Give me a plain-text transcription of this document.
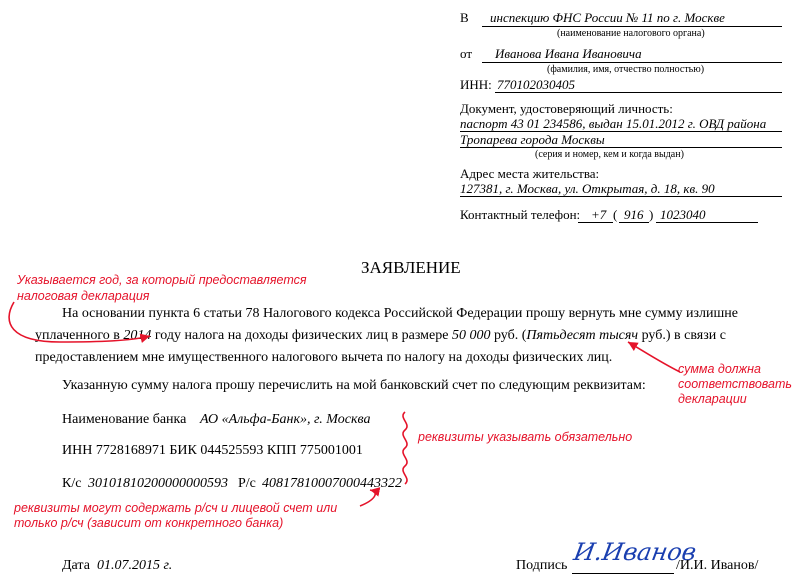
В инспекцию ФНС России № 11 по г. Москве
(наименование налогового органа)
от Иванова Ивана Ивановича
(фамилия, имя, отчество полностью)
ИНН: 770102030405
Документ, удостоверяющий личность:
паспорт 43 01 234586, выдан 15.01.2012 г. ОВД района
Тропарева города Москвы
(серия и номер, кем и когда выдан)
Адрес места жительства:
127381, г. Москва, ул. Открытая, д. 18, кв. 90
Контактный телефон: +7 ( 916 ) 1023040
ЗАЯВЛЕНИЕ
На основании пункта 6 статьи 78 Налогового кодекса Российской Федерации прошу вернуть мне сумму излишне
уплаченного в 2014 году налога на доходы физических лиц в размере 50 000 руб. (Пятьдесят тысяч руб.) в связи с
предоставлением мне имущественного налогового вычета по налогу на доходы физических лиц.
Указанную сумму налога прошу перечислить на мой банковский счет по следующим реквизитам:
Наименование банка АО «Альфа-Банк», г. Москва
ИНН 7728168971 БИК 044525593 КПП 775001001
К/с 30101810200000000593 Р/с 40817810007000443322
Дата 01.07.2015 г.	Подпись И.Иванов
/И.И. Иванов/
Указывается год, за который предоставляется
налоговая декларация
сумма должна
соответствовать
декларации
реквизиты указывать обязательно
реквизиты могут содержать р/сч и лицевой счет или
только р/сч (зависит от конкретного банка)
